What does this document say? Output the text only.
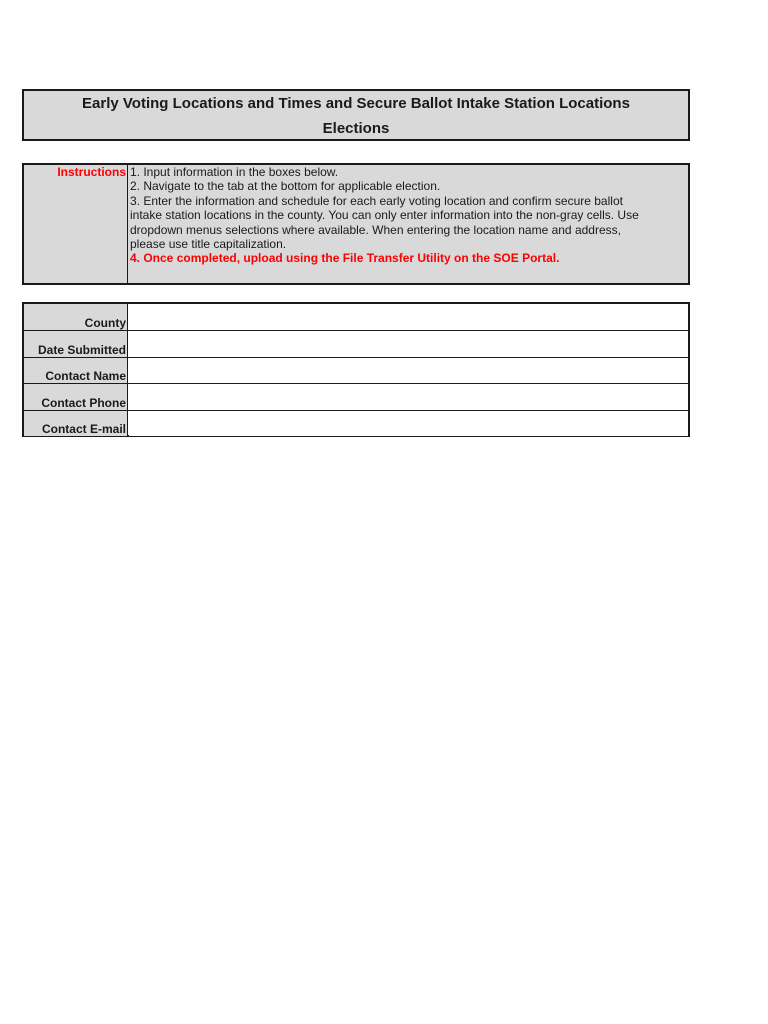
Early Voting Locations and Times and Secure Ballot Intake Station Locations
Elections
Instructions 1. Input information in the boxes below.
2. Navigate to the tab at the bottom for applicable election.
3. Enter the information and schedule for each early voting location and confirm secure ballot
intake station locations in the county. You can only enter information into the non-gray cells. Use
dropdown menus selections where available. When entering the location name and address,
please use title capitalization.
4. Once completed, upload using the File Transfer Utility on the SOE Portal.
County
Date Submitted
Contact Name
Contact Phone
Contact E-mail
